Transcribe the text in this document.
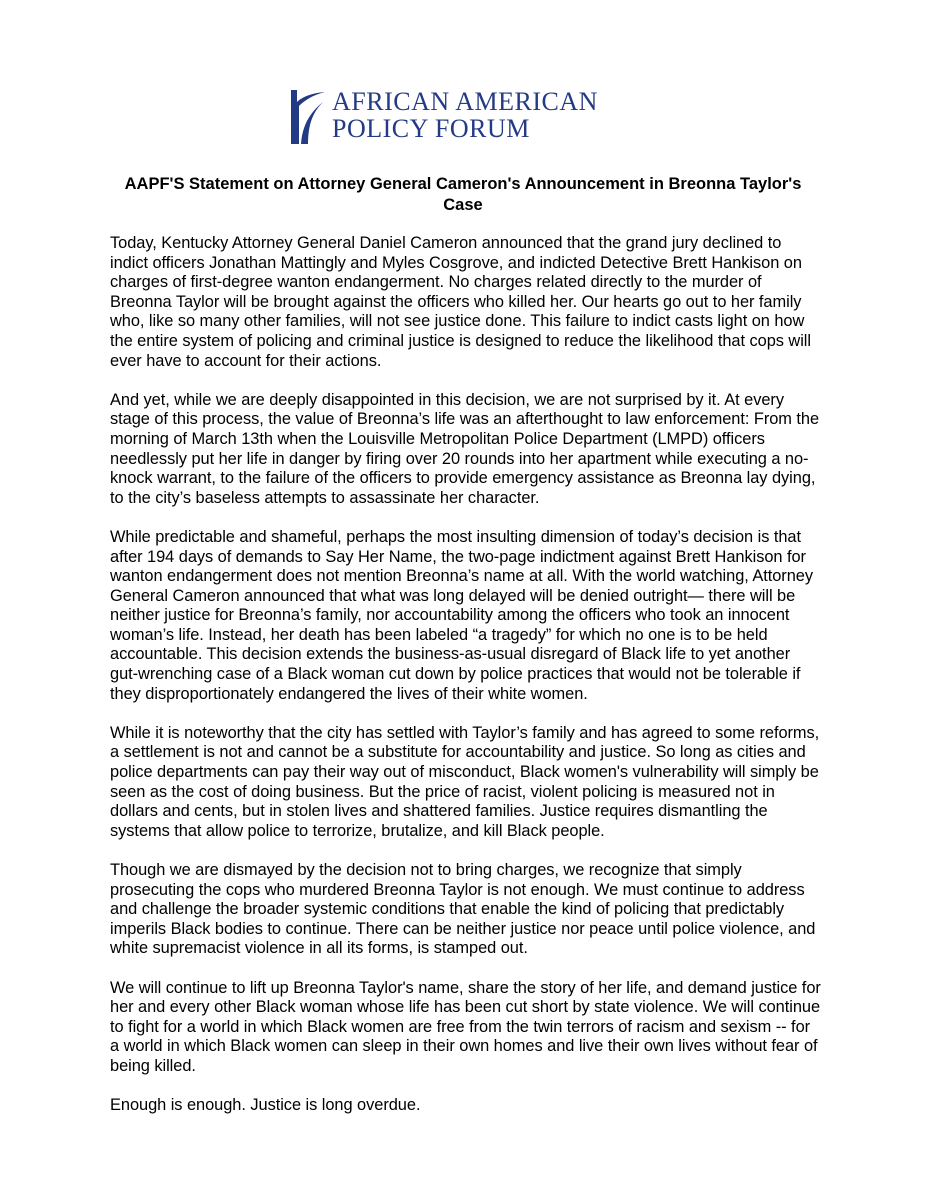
AFRICAN AMERICAN
POLICY FORUM
AAPF'S Statement on Attorney General Cameron's Announcement in Breonna Taylor's Case

Today, Kentucky Attorney General Daniel Cameron announced that the grand jury declined to indict officers Jonathan Mattingly and Myles Cosgrove, and indicted Detective Brett Hankison on charges of first-degree wanton endangerment. No charges related directly to the murder of Breonna Taylor will be brought against the officers who killed her. Our hearts go out to her family who, like so many other families, will not see justice done. This failure to indict casts light on how the entire system of policing and criminal justice is designed to reduce the likelihood that cops will ever have to account for their actions.

And yet, while we are deeply disappointed in this decision, we are not surprised by it. At every stage of this process, the value of Breonna’s life was an afterthought to law enforcement: From the morning of March 13th when the Louisville Metropolitan Police Department (LMPD) officers needlessly put her life in danger by firing over 20 rounds into her apartment while executing a no-knock warrant, to the failure of the officers to provide emergency assistance as Breonna lay dying, to the city’s baseless attempts to assassinate her character.

While predictable and shameful, perhaps the most insulting dimension of today’s decision is that after 194 days of demands to Say Her Name, the two-page indictment against Brett Hankison for wanton endangerment does not mention Breonna’s name at all. With the world watching, Attorney General Cameron announced that what was long delayed will be denied outright— there will be neither justice for Breonna’s family, nor accountability among the officers who took an innocent woman’s life. Instead, her death has been labeled “a tragedy” for which no one is to be held accountable. This decision extends the business-as-usual disregard of Black life to yet another gut-wrenching case of a Black woman cut down by police practices that would not be tolerable if they disproportionately endangered the lives of their white women.

While it is noteworthy that the city has settled with Taylor’s family and has agreed to some reforms, a settlement is not and cannot be a substitute for accountability and justice. So long as cities and police departments can pay their way out of misconduct, Black women's vulnerability will simply be seen as the cost of doing business. But the price of racist, violent policing is measured not in dollars and cents, but in stolen lives and shattered families. Justice requires dismantling the systems that allow police to terrorize, brutalize, and kill Black people.

Though we are dismayed by the decision not to bring charges, we recognize that simply prosecuting the cops who murdered Breonna Taylor is not enough. We must continue to address and challenge the broader systemic conditions that enable the kind of policing that predictably imperils Black bodies to continue. There can be neither justice nor peace until police violence, and white supremacist violence in all its forms, is stamped out.

We will continue to lift up Breonna Taylor's name, share the story of her life, and demand justice for her and every other Black woman whose life has been cut short by state violence. We will continue to fight for a world in which Black women are free from the twin terrors of racism and sexism -- for a world in which Black women can sleep in their own homes and live their own lives without fear of being killed.

Enough is enough. Justice is long overdue.
